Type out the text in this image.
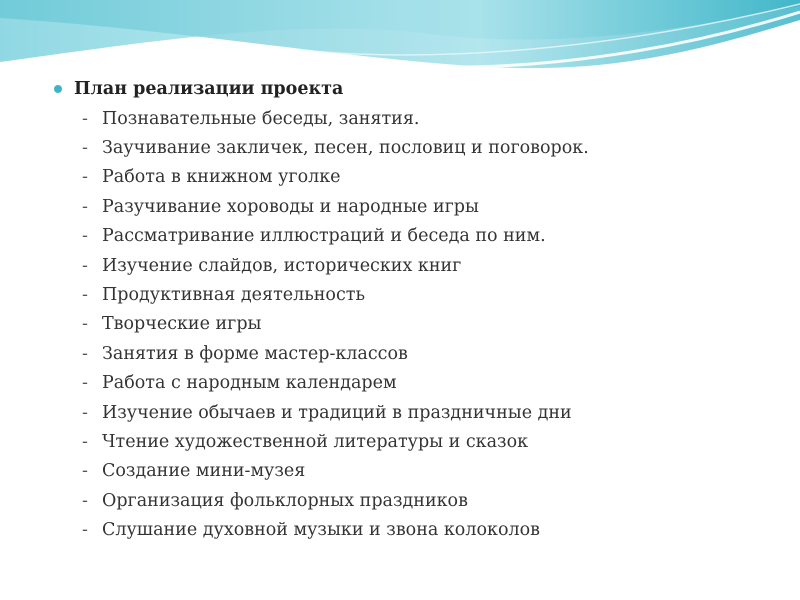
План реализации проекта
- Познавательные беседы, занятия.
- Заучивание закличек, песен, пословиц и поговорок.
- Работа в книжном уголке
- Разучивание хороводы и народные игры
- Рассматривание иллюстраций и беседа по ним.
- Изучение слайдов, исторических книг
- Продуктивная деятельность
- Творческие игры
- Занятия в форме мастер-классов
- Работа с народным календарем
- Изучение обычаев и традиций в праздничные дни
- Чтение художественной литературы и сказок
- Создание мини-музея
- Организация фольклорных праздников
- Слушание духовной музыки и звона колоколов
